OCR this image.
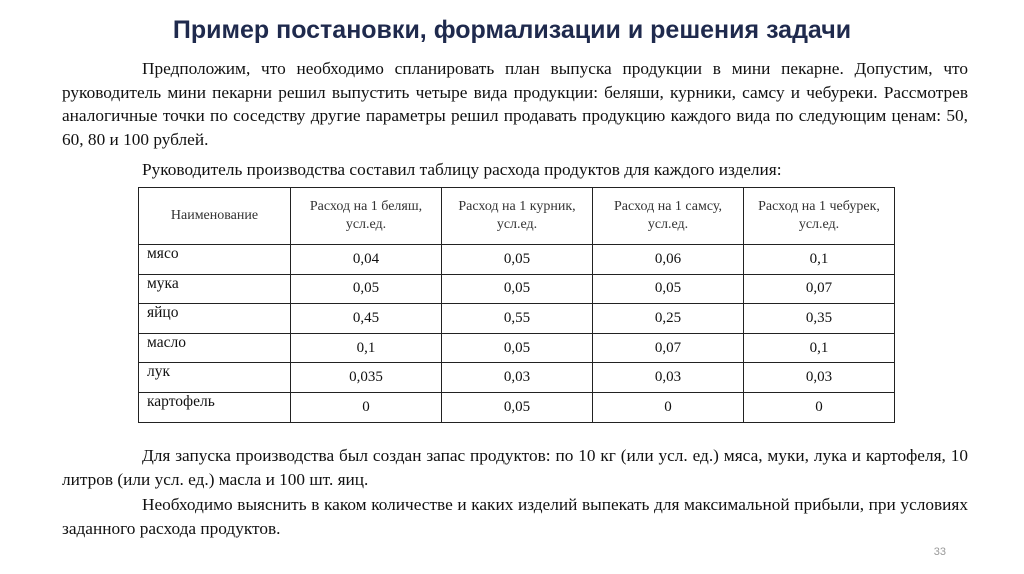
Пример постановки, формализации и решения задачи
Предположим, что необходимо спланировать план выпуска продукции в мини пекарне. Допустим, что руководитель мини пекарни решил выпустить четыре вида продукции: беляши, курники, самсу и чебуреки. Рассмотрев аналогичные точки по соседству другие параметры решил продавать продукцию каждого вида по следующим ценам: 50, 60, 80 и 100 рублей.
Руководитель производства составил таблицу расхода продуктов для каждого изделия:
Наименование	Расход на 1 беляш, усл.ед.	Расход на 1 курник, усл.ед.	Расход на 1 самсу, усл.ед.	Расход на 1 чебурек, усл.ед.
мясо	0,04	0,05	0,06	0,1
мука	0,05	0,05	0,05	0,07
яйцо	0,45	0,55	0,25	0,35
масло	0,1	0,05	0,07	0,1
лук	0,035	0,03	0,03	0,03
картофель	0	0,05	0	0
Для запуска производства был создан запас продуктов: по 10 кг (или усл. ед.) мяса, муки, лука и картофеля, 10 литров (или усл. ед.) масла и 100 шт. яиц.
Необходимо выяснить в каком количестве и каких изделий выпекать для максимальной прибыли, при условиях заданного расхода продуктов.
33
